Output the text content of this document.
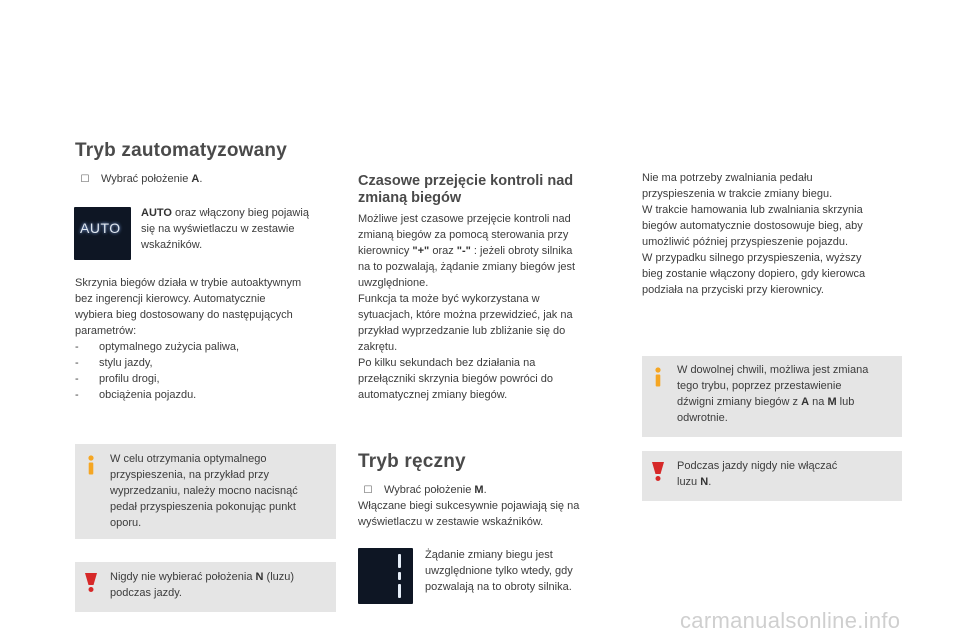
Tryb zautomatyzowany
☐ Wybrać położenie A.
AUTO
AUTO oraz włączony bieg pojawią
się na wyświetlaczu w zestawie
wskaźników.
Skrzynia biegów działa w trybie autoaktywnym
bez ingerencji kierowcy. Automatycznie
wybiera bieg dostosowany do następujących
parametrów:
-	optymalnego zużycia paliwa,
-	stylu jazdy,
-	profilu drogi,
-	obciążenia pojazdu.
W celu otrzymania optymalnego
przyspieszenia, na przykład przy
wyprzedzaniu, należy mocno nacisnąć
pedał przyspieszenia pokonując punkt
oporu.
Nigdy nie wybierać położenia N (luzu)
podczas jazdy.
Czasowe przejęcie kontroli nad
zmianą biegów
Możliwe jest czasowe przejęcie kontroli nad
zmianą biegów za pomocą sterowania przy
kierownicy "+" oraz "-" : jeżeli obroty silnika
na to pozwalają, żądanie zmiany biegów jest
uwzględnione.
Funkcja ta może być wykorzystana w
sytuacjach, które można przewidzieć, jak na
przykład wyprzedzanie lub zbliżanie się do
zakrętu.
Po kilku sekundach bez działania na
przełączniki skrzynia biegów powróci do
automatycznej zmiany biegów.
Tryb ręczny
☐ Wybrać położenie M.
Włączane biegi sukcesywnie pojawiają się na
wyświetlaczu w zestawie wskaźników.
Żądanie zmiany biegu jest
uwzględnione tylko wtedy, gdy
pozwalają na to obroty silnika.
Nie ma potrzeby zwalniania pedału
przyspieszenia w trakcie zmiany biegu.
W trakcie hamowania lub zwalniania skrzynia
biegów automatycznie dostosowuje bieg, aby
umożliwić później przyspieszenie pojazdu.
W przypadku silnego przyspieszenia, wyższy
bieg zostanie włączony dopiero, gdy kierowca
podziała na przyciski przy kierownicy.
W dowolnej chwili, możliwa jest zmiana
tego trybu, poprzez przestawienie
dźwigni zmiany biegów z A na M lub
odwrotnie.
Podczas jazdy nigdy nie włączać
luzu N.
carmanualsonline.info
